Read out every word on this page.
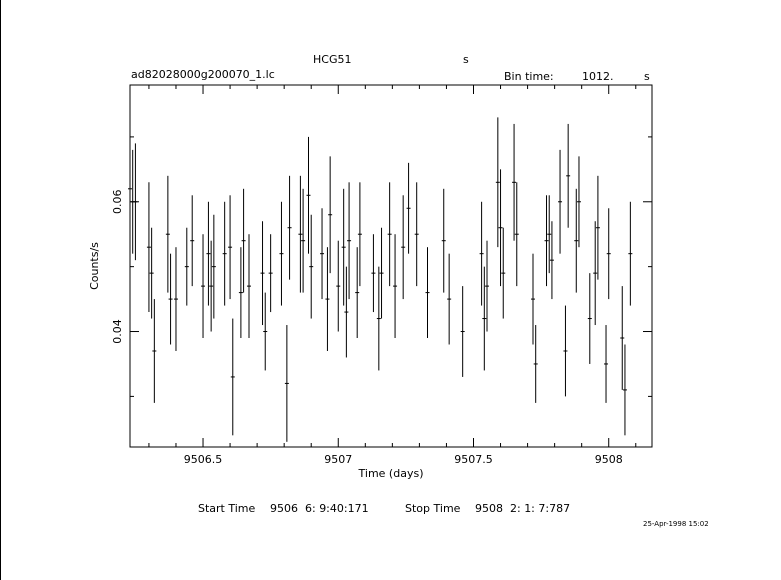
9506.5	9507	9507.5	9508
0.04
0.06
Time (days)
Counts/s
HCG51	s
ad82028000g200070_1.lc	Bin time:	1012.	s
Start Time 9506  6: 9:40:171	Stop Time 9508  2: 1: 7:787
25-Apr-1998 15:02
